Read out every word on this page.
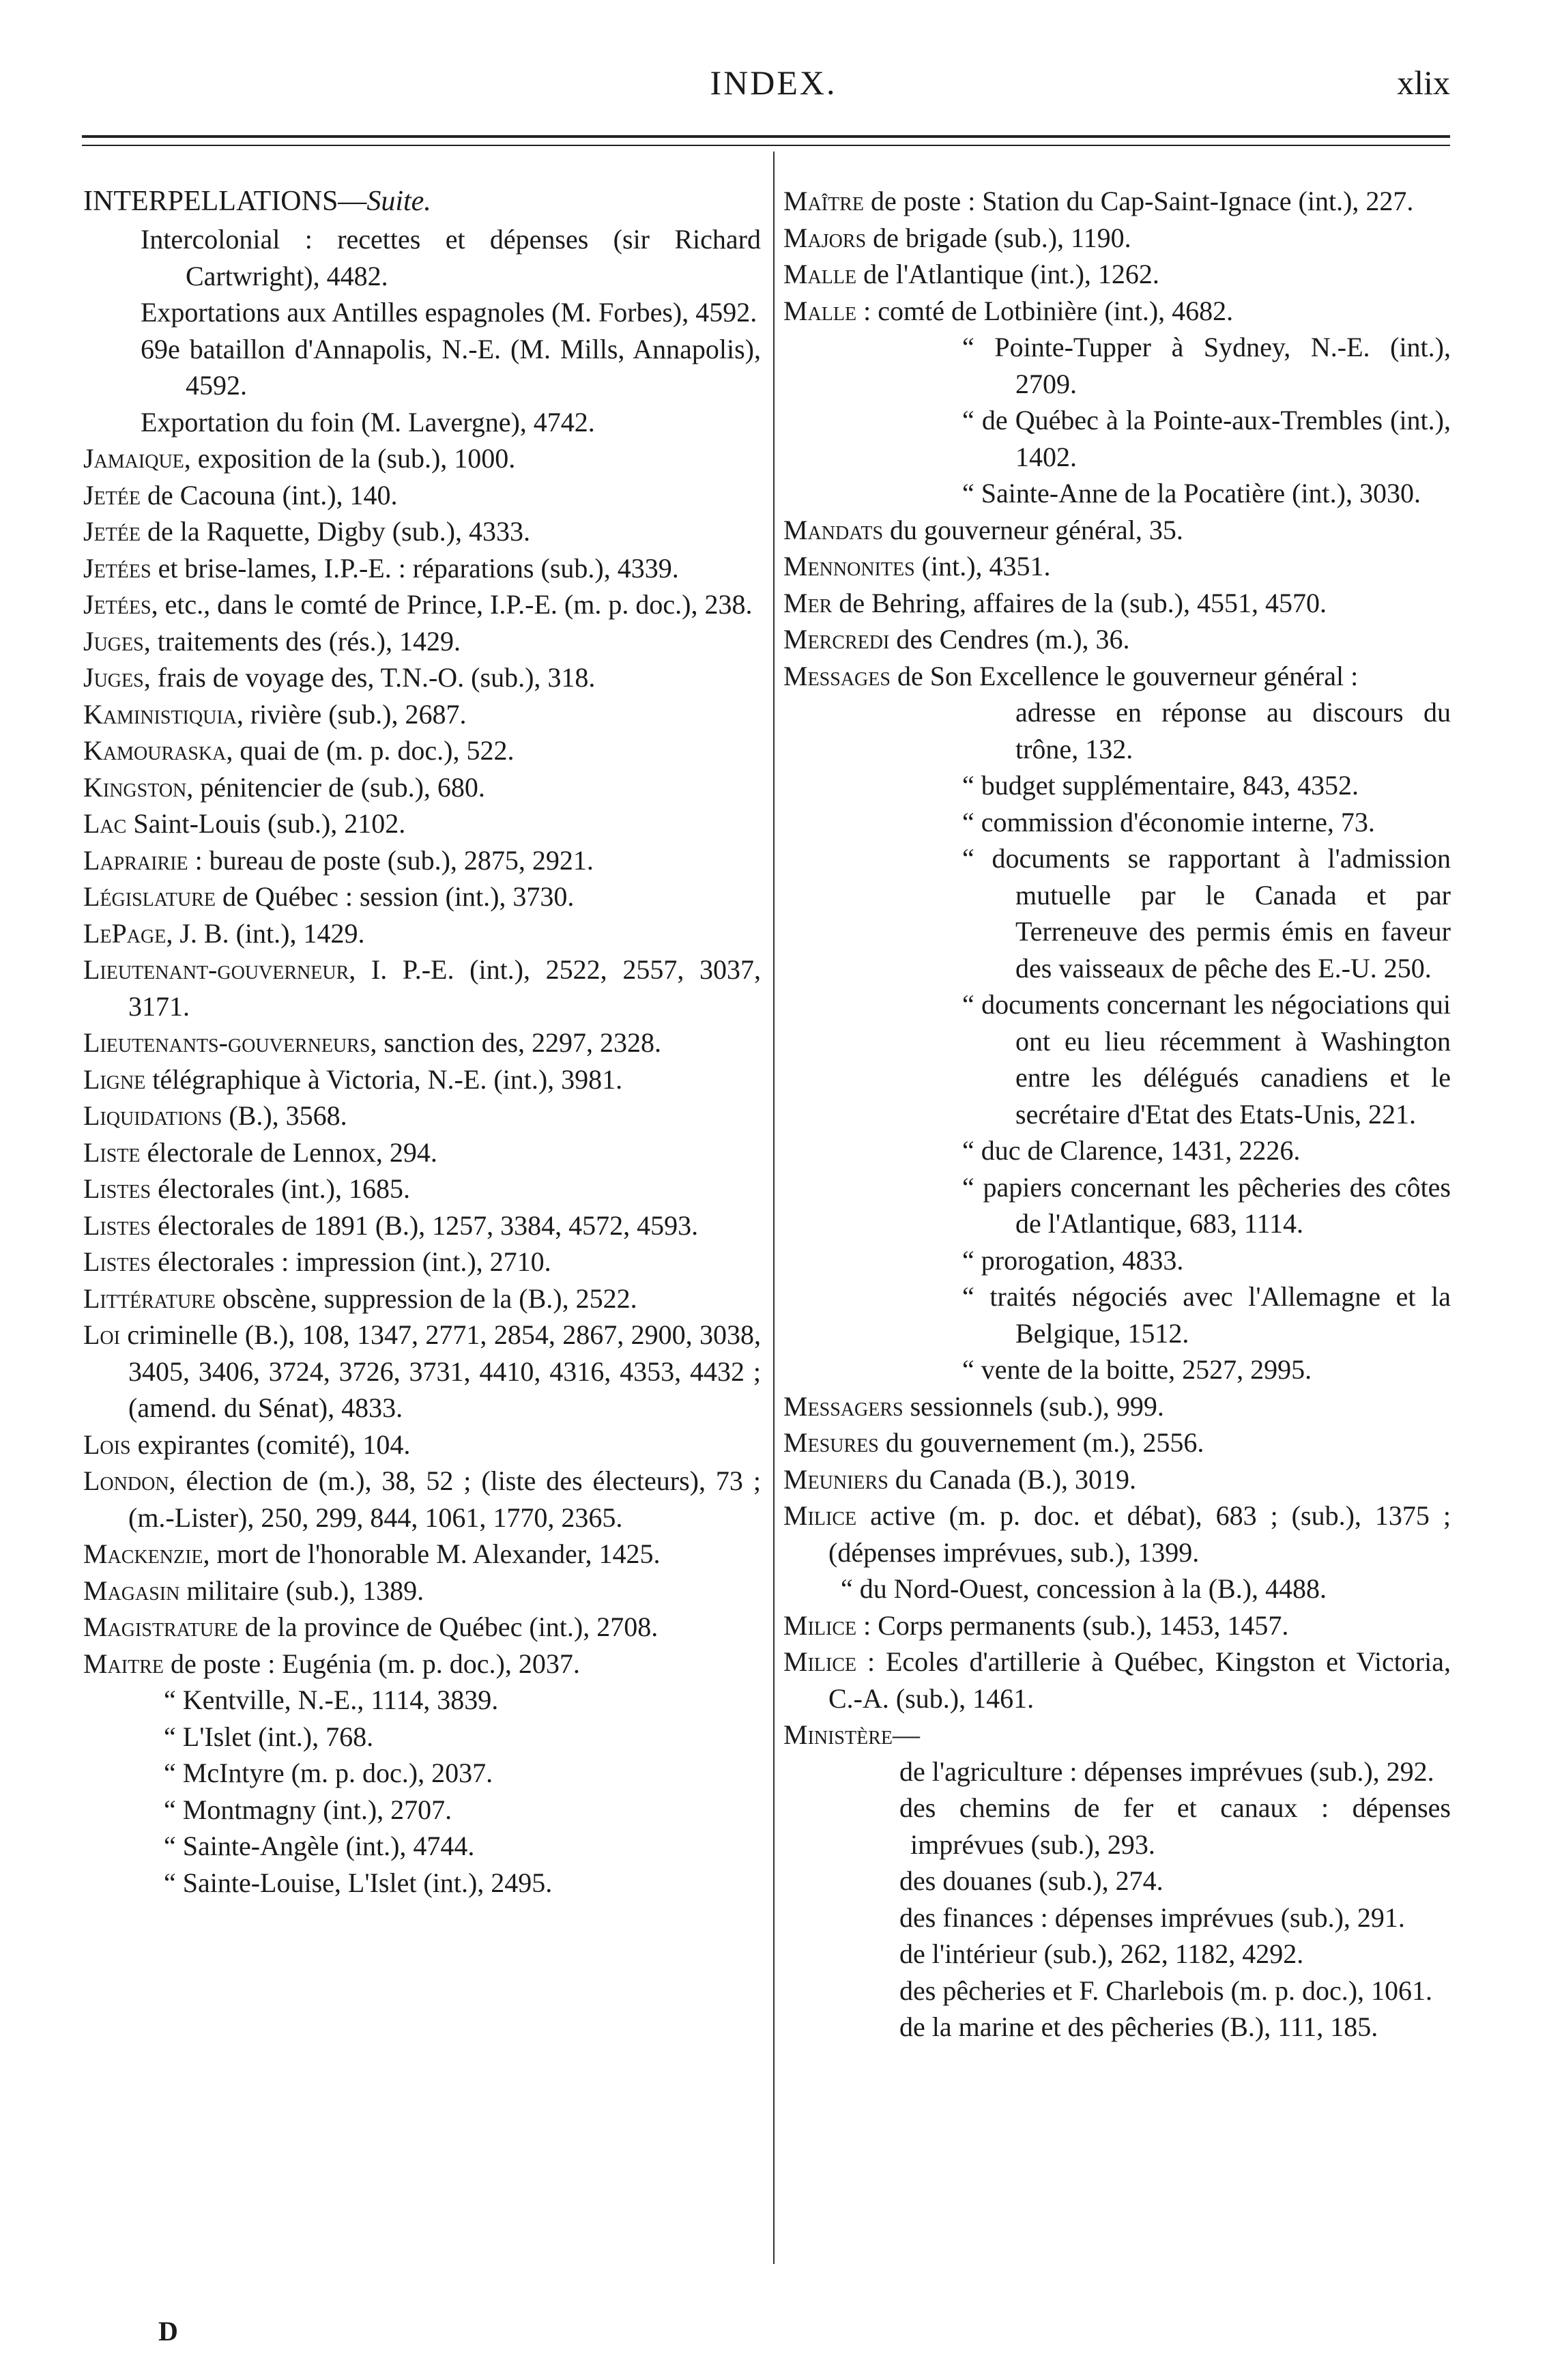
INDEX.	xlix
INTERPELLATIONS—Suite.
Intercolonial : recettes et dépenses (sir Richard Cartwright), 4482.
Exportations aux Antilles espagnoles (M. Forbes), 4592.
69e bataillon d'Annapolis, N.-E. (M. Mills, Annapolis), 4592.
Exportation du foin (M. Lavergne), 4742.
Jamaique, exposition de la (sub.), 1000.
Jetée de Cacouna (int.), 140.
Jetée de la Raquette, Digby (sub.), 4333.
Jetées et brise-lames, I.P.-E. : réparations (sub.), 4339.
Jetées, etc., dans le comté de Prince, I.P.-E. (m. p. doc.), 238.
Juges, traitements des (rés.), 1429.
Juges, frais de voyage des, T.N.-O. (sub.), 318.
Kaministiquia, rivière (sub.), 2687.
Kamouraska, quai de (m. p. doc.), 522.
Kingston, pénitencier de (sub.), 680.
Lac Saint-Louis (sub.), 2102.
Laprairie : bureau de poste (sub.), 2875, 2921.
Législature de Québec : session (int.), 3730.
LePage, J. B. (int.), 1429.
Lieutenant-gouverneur, I. P.-E. (int.), 2522, 2557, 3037, 3171.
Lieutenants-gouverneurs, sanction des, 2297, 2328.
Ligne télégraphique à Victoria, N.-E. (int.), 3981.
Liquidations (B.), 3568.
Liste électorale de Lennox, 294.
Listes électorales (int.), 1685.
Listes électorales de 1891 (B.), 1257, 3384, 4572, 4593.
Listes électorales : impression (int.), 2710.
Littérature obscène, suppression de la (B.), 2522.
Loi criminelle (B.), 108, 1347, 2771, 2854, 2867, 2900, 3038, 3405, 3406, 3724, 3726, 3731, 4410, 4316, 4353, 4432 ; (amend. du Sénat), 4833.
Lois expirantes (comité), 104.
London, élection de (m.), 38, 52 ; (liste des électeurs), 73 ; (m.-Lister), 250, 299, 844, 1061, 1770, 2365.
Mackenzie, mort de l'honorable M. Alexander, 1425.
Magasin militaire (sub.), 1389.
Magistrature de la province de Québec (int.), 2708.
Maitre de poste : Eugénia (m. p. doc.), 2037.
“ Kentville, N.-E., 1114, 3839.
“ L'Islet (int.), 768.
“ McIntyre (m. p. doc.), 2037.
“ Montmagny (int.), 2707.
“ Sainte-Angèle (int.), 4744.
“ Sainte-Louise, L'Islet (int.), 2495.
Maître de poste : Station du Cap-Saint-Ignace (int.), 227.
Majors de brigade (sub.), 1190.
Malle de l'Atlantique (int.), 1262.
Malle : comté de Lotbinière (int.), 4682.
“ Pointe-Tupper à Sydney, N.-E. (int.), 2709.
“ de Québec à la Pointe-aux-Trembles (int.), 1402.
“ Sainte-Anne de la Pocatière (int.), 3030.
Mandats du gouverneur général, 35.
Mennonites (int.), 4351.
Mer de Behring, affaires de la (sub.), 4551, 4570.
Mercredi des Cendres (m.), 36.
Messages de Son Excellence le gouverneur général :
adresse en réponse au discours du trône, 132.
“ budget supplémentaire, 843, 4352.
“ commission d'économie interne, 73.
“ documents se rapportant à l'admission mutuelle par le Canada et par Terreneuve des permis émis en faveur des vaisseaux de pêche des E.-U. 250.
“ documents concernant les négociations qui ont eu lieu récemment à Washington entre les délégués canadiens et le secrétaire d'Etat des Etats-Unis, 221.
“ duc de Clarence, 1431, 2226.
“ papiers concernant les pêcheries des côtes de l'Atlantique, 683, 1114.
“ prorogation, 4833.
“ traités négociés avec l'Allemagne et la Belgique, 1512.
“ vente de la boitte, 2527, 2995.
Messagers sessionnels (sub.), 999.
Mesures du gouvernement (m.), 2556.
Meuniers du Canada (B.), 3019.
Milice active (m. p. doc. et débat), 683 ; (sub.), 1375 ; (dépenses imprévues, sub.), 1399.
“ du Nord-Ouest, concession à la (B.), 4488.
Milice : Corps permanents (sub.), 1453, 1457.
Milice : Ecoles d'artillerie à Québec, Kingston et Victoria, C.-A. (sub.), 1461.
Ministère—
de l'agriculture : dépenses imprévues (sub.), 292.
des chemins de fer et canaux : dépenses imprévues (sub.), 293.
des douanes (sub.), 274.
des finances : dépenses imprévues (sub.), 291.
de l'intérieur (sub.), 262, 1182, 4292.
des pêcheries et F. Charlebois (m. p. doc.), 1061.
de la marine et des pêcheries (B.), 111, 185.
D
